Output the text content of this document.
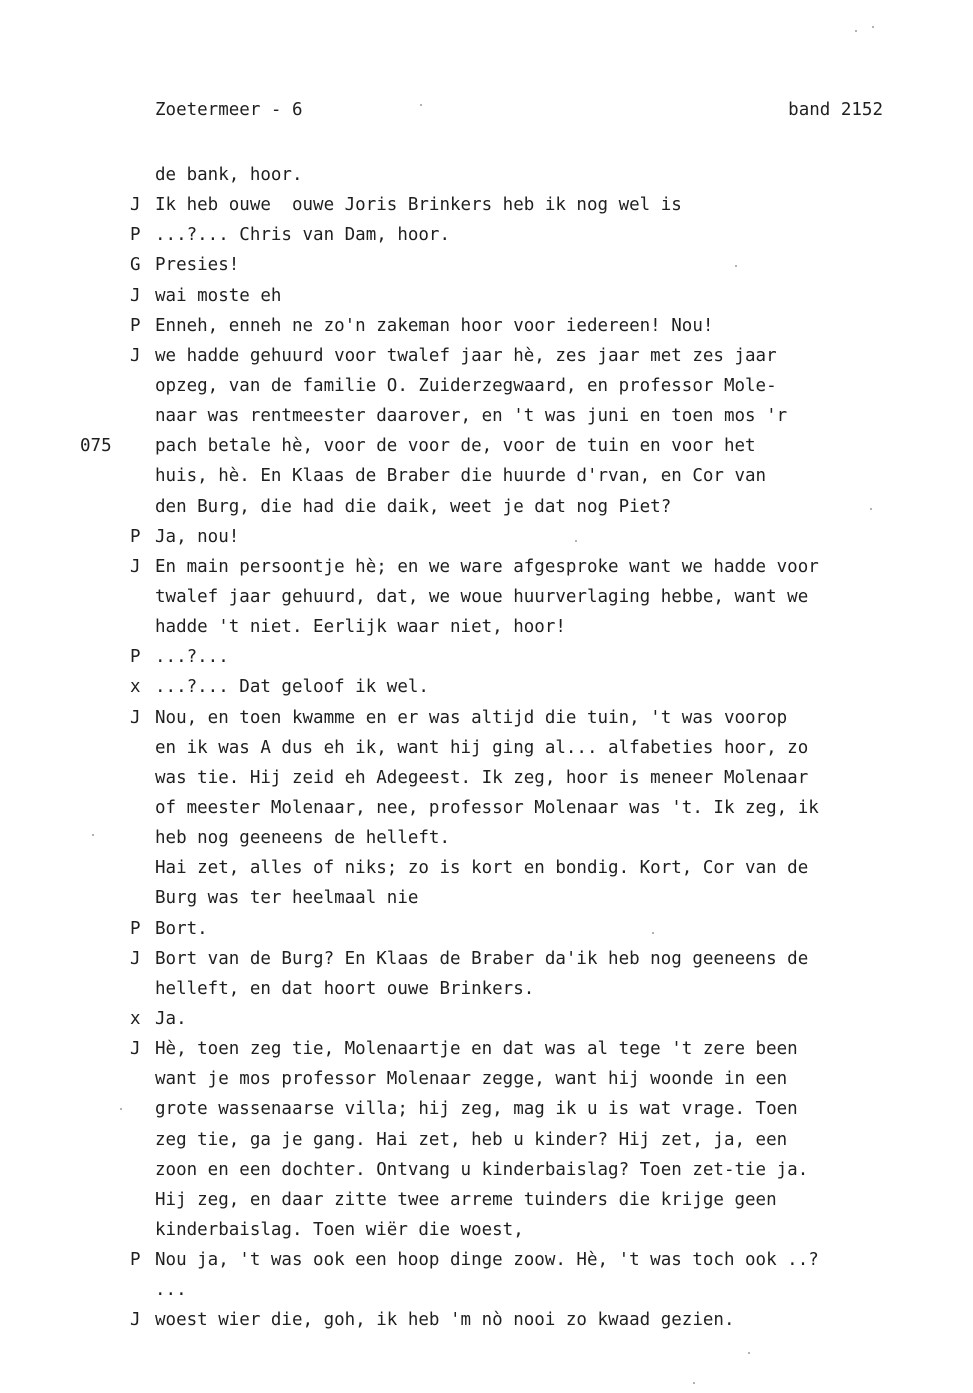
Zoetermeer - 6	band 2152
de bank, hoor.
J Ik heb ouwe  ouwe Joris Brinkers heb ik nog wel is
P ...?... Chris van Dam, hoor.
G Presies!
J wai moste eh
P Enneh, enneh ne zo'n zakeman hoor voor iedereen! Nou!
J we hadde gehuurd voor twalef jaar hè, zes jaar met zes jaar
opzeg, van de familie O. Zuiderzegwaard, en professor Mole-
naar was rentmeester daarover, en 't was juni en toen mos 'r
075 pach betale hè, voor de voor de, voor de tuin en voor het
huis, hè. En Klaas de Braber die huurde d'rvan, en Cor van
den Burg, die had die daik, weet je dat nog Piet?
P Ja, nou!
J En main persoontje hè; en we ware afgesproke want we hadde voor
twalef jaar gehuurd, dat, we woue huurverlaging hebbe, want we
hadde 't niet. Eerlijk waar niet, hoor!
P ...?...
x ...?... Dat geloof ik wel.
J Nou, en toen kwamme en er was altijd die tuin, 't was voorop
en ik was A dus eh ik, want hij ging al... alfabeties hoor, zo
was tie. Hij zeid eh Adegeest. Ik zeg, hoor is meneer Molenaar
of meester Molenaar, nee, professor Molenaar was 't. Ik zeg, ik
heb nog geeneens de helleft.
Hai zet, alles of niks; zo is kort en bondig. Kort, Cor van de
Burg was ter heelmaal nie
P Bort.
J Bort van de Burg? En Klaas de Braber da'ik heb nog geeneens de
helleft, en dat hoort ouwe Brinkers.
x Ja.
J Hè, toen zeg tie, Molenaartje en dat was al tege 't zere been
want je mos professor Molenaar zegge, want hij woonde in een
grote wassenaarse villa; hij zeg, mag ik u is wat vrage. Toen
zeg tie, ga je gang. Hai zet, heb u kinder? Hij zet, ja, een
zoon en een dochter. Ontvang u kinderbaislag? Toen zet-tie ja.
Hij zeg, en daar zitte twee arreme tuinders die krijge geen
kinderbaislag. Toen wiër die woest,
P Nou ja, 't was ook een hoop dinge zoow. Hè, 't was toch ook ..?
...
J woest wier die, goh, ik heb 'm nò nooi zo kwaad gezien.
